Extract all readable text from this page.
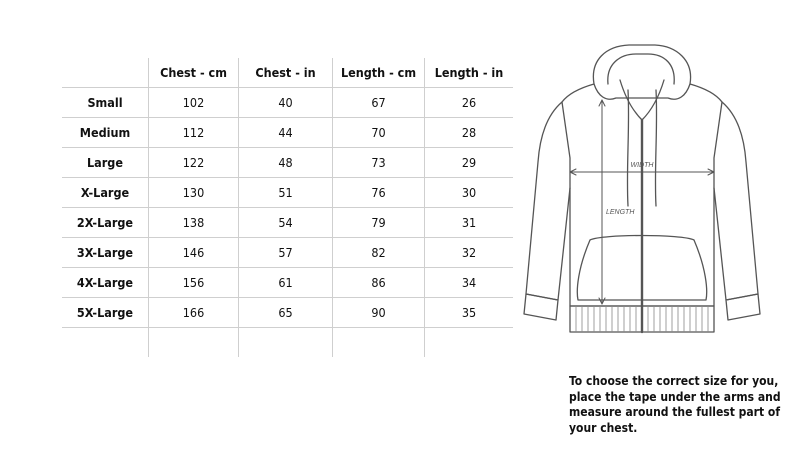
	Chest - cm	Chest - in	Length - cm	Length - in
Small	102	40	67	26
Medium	112	44	70	28
Large	122	48	73	29
X-Large	130	51	76	30
2X-Large	138	54	79	31
3X-Large	146	57	82	32
4X-Large	156	61	86	34
5X-Large	166	65	90	35

WIDTH
LENGTH
To choose the correct size for you, place the tape under the arms and measure around the fullest part of your chest.
